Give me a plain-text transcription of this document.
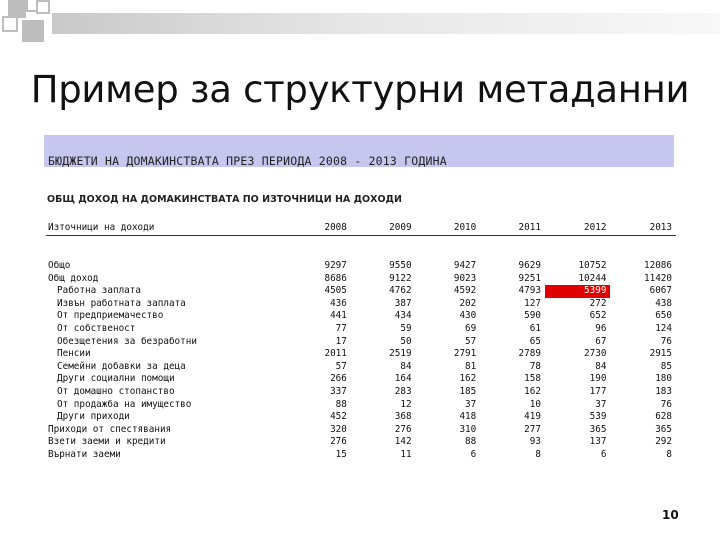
Пример за структурни метаданни
БЮДЖЕТИ НА ДОМАКИНСТВАТА ПРЕЗ ПЕРИОДА 2008 - 2013 ГОДИНА
ОБЩ ДОХОД НА ДОМАКИНСТВАТА ПО ИЗТОЧНИЦИ НА ДОХОДИ
Източници на доходи	2008	2009	2010	2011	2012	2013

Общо	9297	9550	9427	9629	10752	12086
Общ доход	8686	9122	9023	9251	10244	11420
Работна заплата	4505	4762	4592	4793	5399	6067
Извън работната заплата	436	387	202	127	272	438
От предприемачество	441	434	430	590	652	650
От собственост	77	59	69	61	96	124
Обезщетения за безработни	17	50	57	65	67	76
Пенсии	2011	2519	2791	2789	2730	2915
Семейни добавки за деца	57	84	81	78	84	85
Други социални помощи	266	164	162	158	190	180
От домашно стопанство	337	283	185	162	177	183
От продажба на имущество	88	12	37	10	37	76
Други приходи	452	368	418	419	539	628
Приходи от спестявания	320	276	310	277	365	365
Взети заеми и кредити	276	142	88	93	137	292
Върнати заеми	15	11	6	8	6	8
10
